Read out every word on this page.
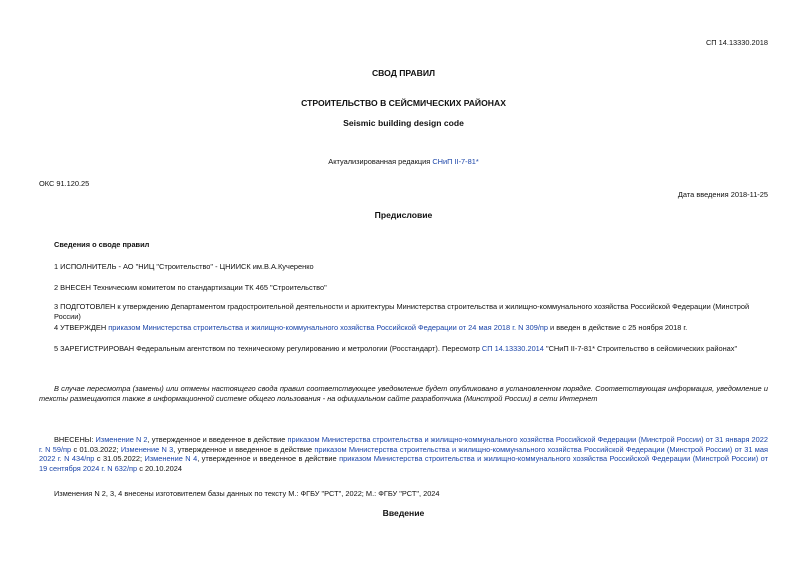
СП 14.13330.2018
СВОД ПРАВИЛ
СТРОИТЕЛЬСТВО В СЕЙСМИЧЕСКИХ РАЙОНАХ
Seismic building design code
Актуализированная редакция СНиП II-7-81*
ОКС 91.120.25
Дата введения 2018-11-25
Предисловие
Сведения о своде правил
1 ИСПОЛНИТЕЛЬ - АО "НИЦ "Строительство" - ЦНИИСК им.В.А.Кучеренко
2 ВНЕСЕН Техническим комитетом по стандартизации ТК 465 "Строительство"
3 ПОДГОТОВЛЕН к утверждению Департаментом градостроительной деятельности и архитектуры Министерства строительства и жилищно-коммунального хозяйства Российской Федерации (Минстрой России)
4 УТВЕРЖДЕН приказом Министерства строительства и жилищно-коммунального хозяйства Российской Федерации от 24 мая 2018 г. N 309/пр и введен в действие с 25 ноября 2018 г.
5 ЗАРЕГИСТРИРОВАН Федеральным агентством по техническому регулированию и метрологии (Росстандарт). Пересмотр СП 14.13330.2014 "СНиП II-7-81* Строительство в сейсмических районах"
В случае пересмотра (замены) или отмены настоящего свода правил соответствующее уведомление будет опубликовано в установленном порядке. Соответствующая информация, уведомление и тексты размещаются также в информационной системе общего пользования - на официальном сайте разработчика (Минстрой России) в сети Интернет
ВНЕСЕНЫ: Изменение N 2, утвержденное и введенное в действие приказом Министерства строительства и жилищно-коммунального хозяйства Российской Федерации (Минстрой России) от 31 января 2022 г. N 59/пр с 01.03.2022; Изменение N 3, утвержденное и введенное в действие приказом Министерства строительства и жилищно-коммунального хозяйства Российской Федерации (Минстрой России) от 31 мая 2022 г. N 434/пр с 31.05.2022; Изменение N 4, утвержденное и введенное в действие приказом Министерства строительства и жилищно-коммунального хозяйства Российской Федерации (Минстрой России) от 19 сентября 2024 г. N 632/пр с 20.10.2024
Изменения N 2, 3, 4 внесены изготовителем базы данных по тексту М.: ФГБУ "РСТ", 2022; М.: ФГБУ "РСТ", 2024
Введение
